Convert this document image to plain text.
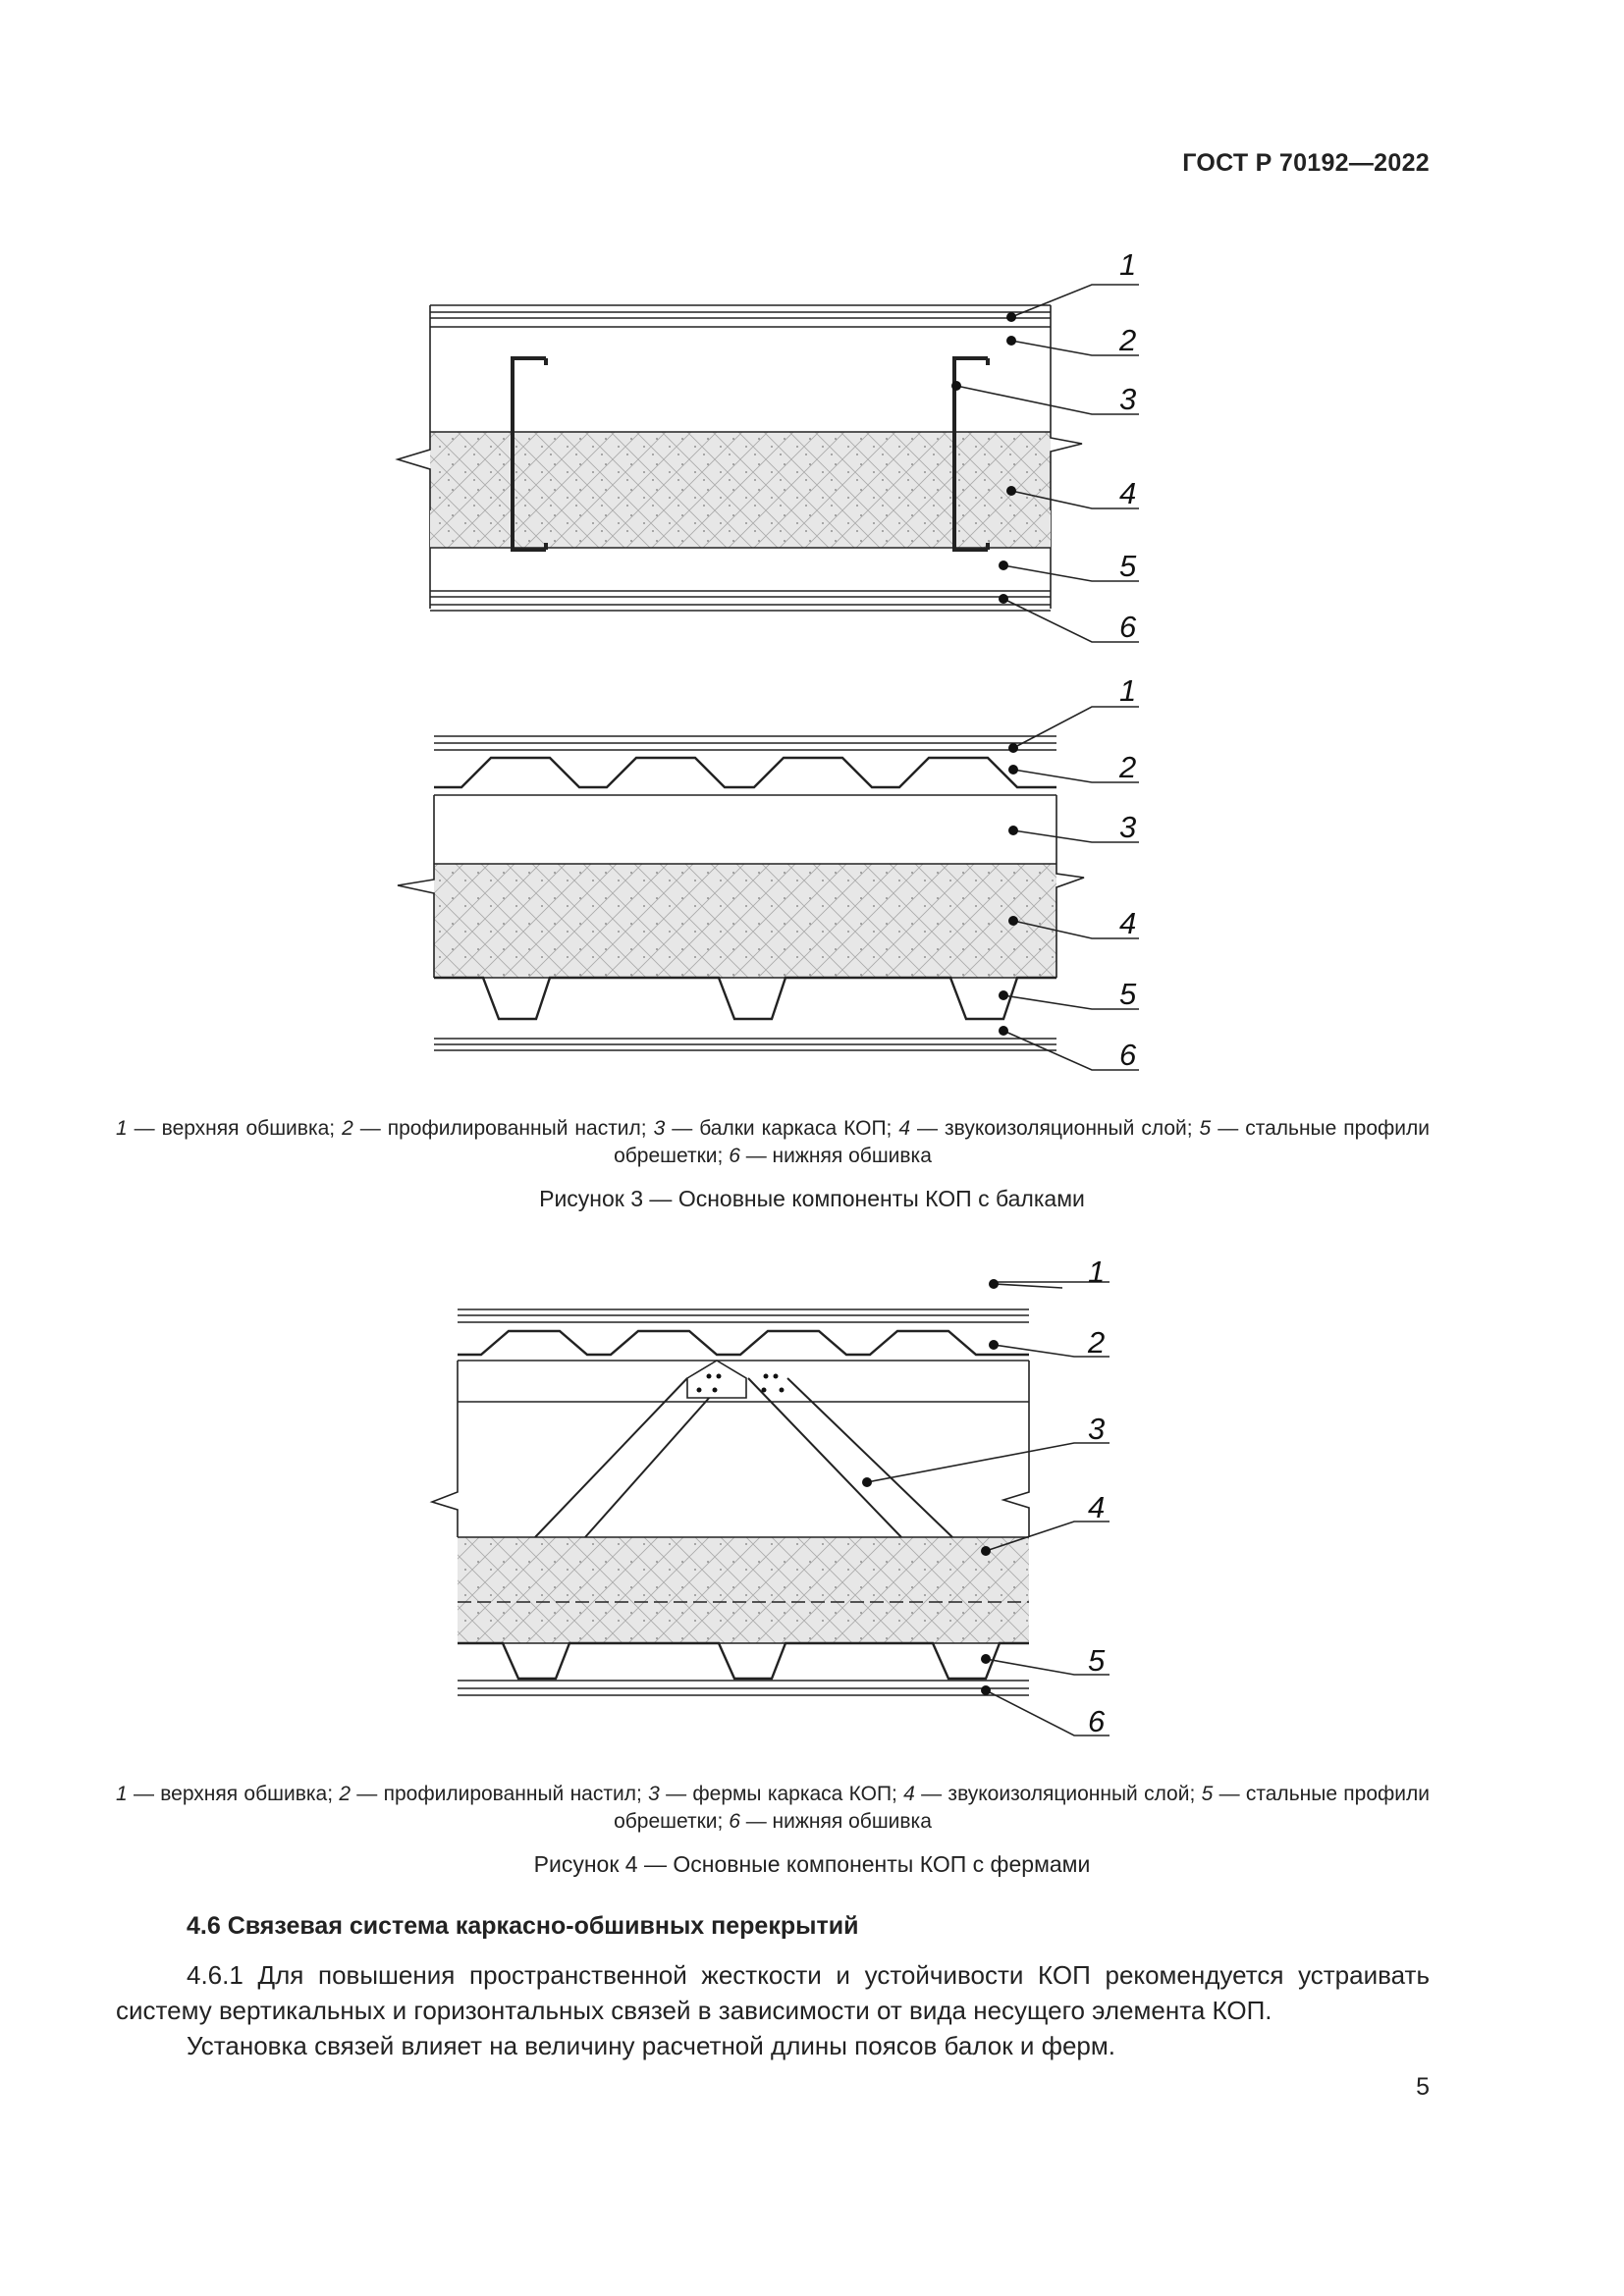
ГОСТ Р 70192—2022
1
2
3
4
5
6
1
2
3
4
5
6
1 — верхняя обшивка; 2 — профилированный настил; 3 — балки каркаса КОП; 4 — звукоизоляционный слой; 5 — стальные профили обрешетки; 6 — нижняя обшивка
Рисунок 3 — Основные компоненты КОП с балками
1
2
3
4
5
6
1 — верхняя обшивка; 2 — профилированный настил; 3 — фермы каркаса КОП; 4 — звукоизоляционный слой; 5 — стальные профили обрешетки; 6 — нижняя обшивка
Рисунок 4 — Основные компоненты КОП с фермами
4.6 Связевая система каркасно-обшивных перекрытий

4.6.1 Для повышения пространственной жесткости и устойчивости КОП рекомендуется устраивать систему вертикальных и горизонтальных связей в зависимости от вида несущего элемента КОП.

Установка связей влияет на величину расчетной длины поясов балок и ферм.

5
